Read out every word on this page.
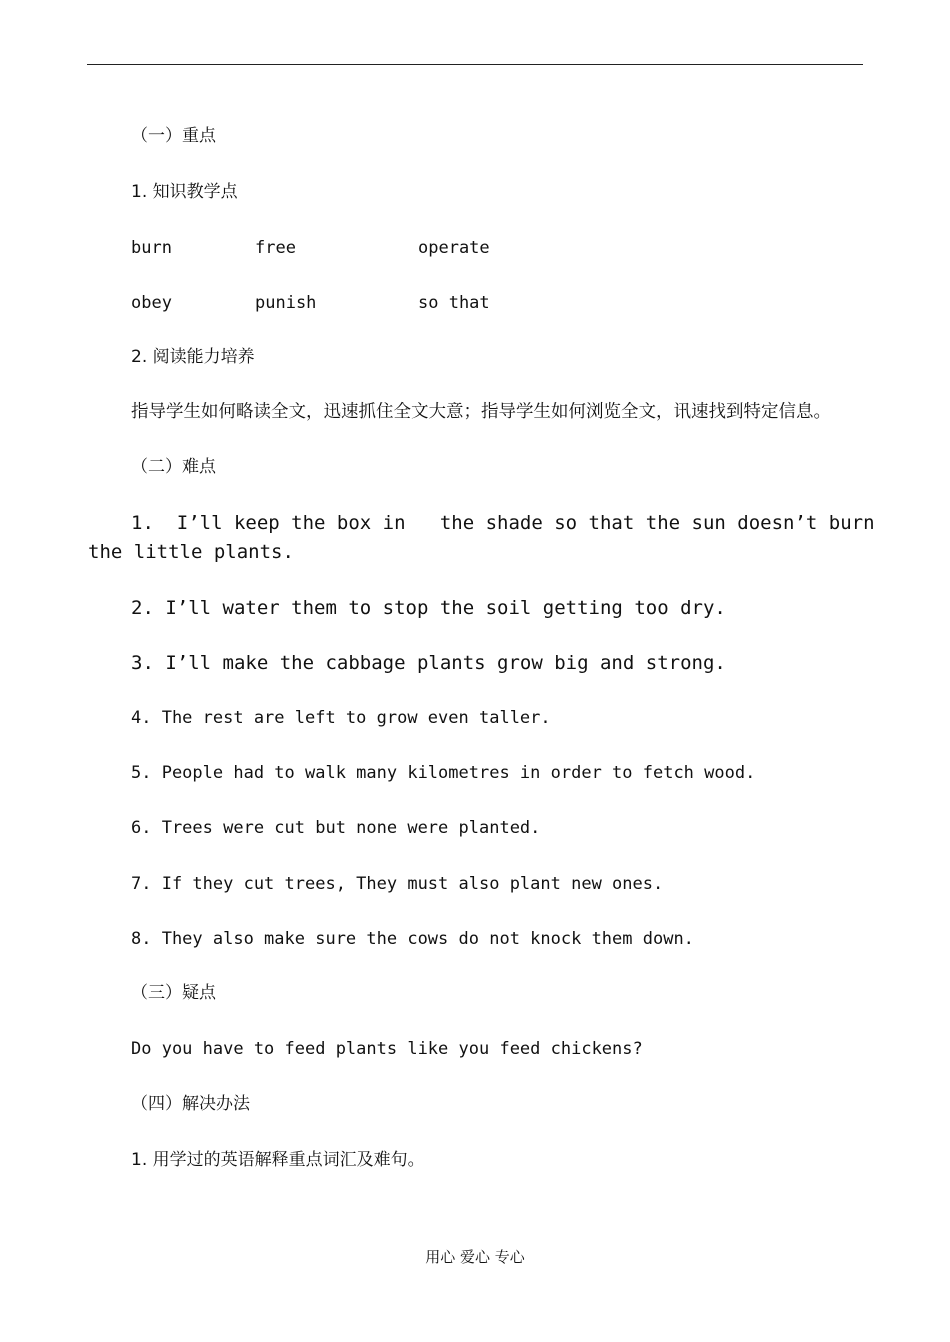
（一）重点
1. 知识教学点
burn	free	operate
obey	punish	so that
2. 阅读能力培养
指导学生如何略读全文，迅速抓住全文大意；指导学生如何浏览全文，讯速找到特定信息。
（二）难点
1.  I’ll keep the box in   the shade so that the sun doesn’t burn
the little plants.
2. I’ll water them to stop the soil getting too dry.
3. I’ll make the cabbage plants grow big and strong.
4. The rest are left to grow even taller.
5. People had to walk many kilometres in order to fetch wood.
6. Trees were cut but none were planted.
7. If they cut trees, They must also plant new ones.
8. They also make sure the cows do not knock them down.
（三）疑点
Do you have to feed plants like you feed chickens?
（四）解决办法
1. 用学过的英语解释重点词汇及难句。
用心 爱心 专心
